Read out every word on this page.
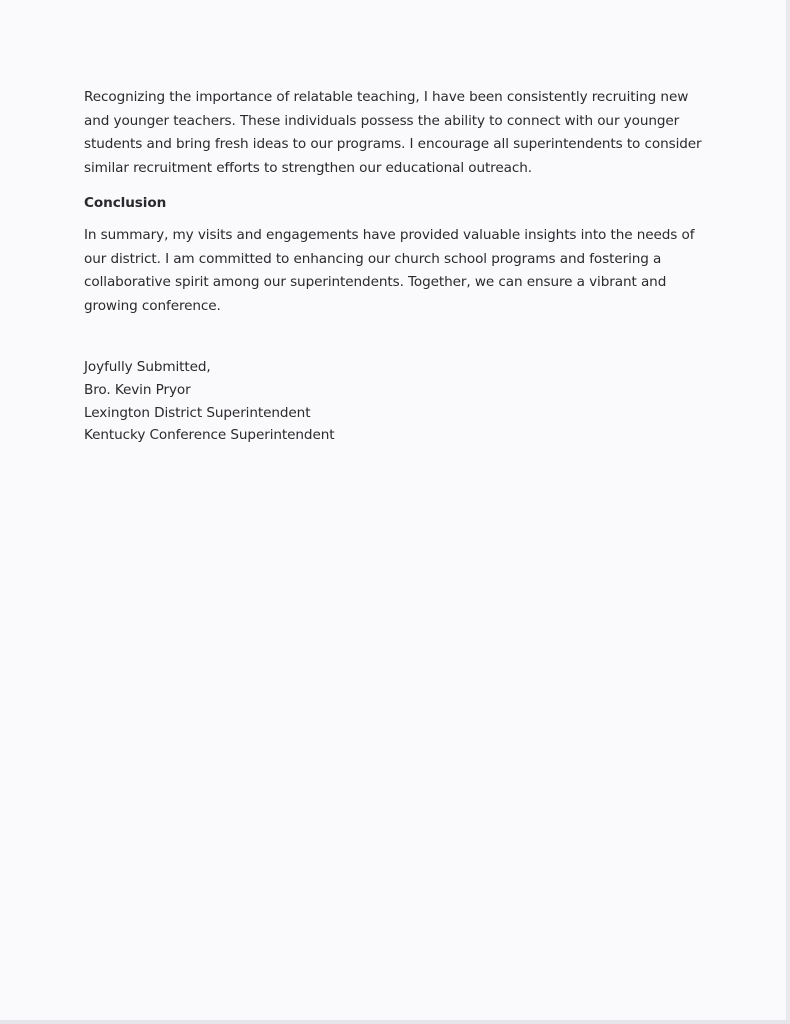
Recognizing the importance of relatable teaching, I have been consistently recruiting new and younger teachers. These individuals possess the ability to connect with our younger students and bring fresh ideas to our programs. I encourage all superintendents to consider similar recruitment efforts to strengthen our educational outreach.

Conclusion

In summary, my visits and engagements have provided valuable insights into the needs of our district. I am committed to enhancing our church school programs and fostering a collaborative spirit among our superintendents. Together, we can ensure a vibrant and growing conference.

Joyfully Submitted,
Bro. Kevin Pryor
Lexington District Superintendent
Kentucky Conference Superintendent
